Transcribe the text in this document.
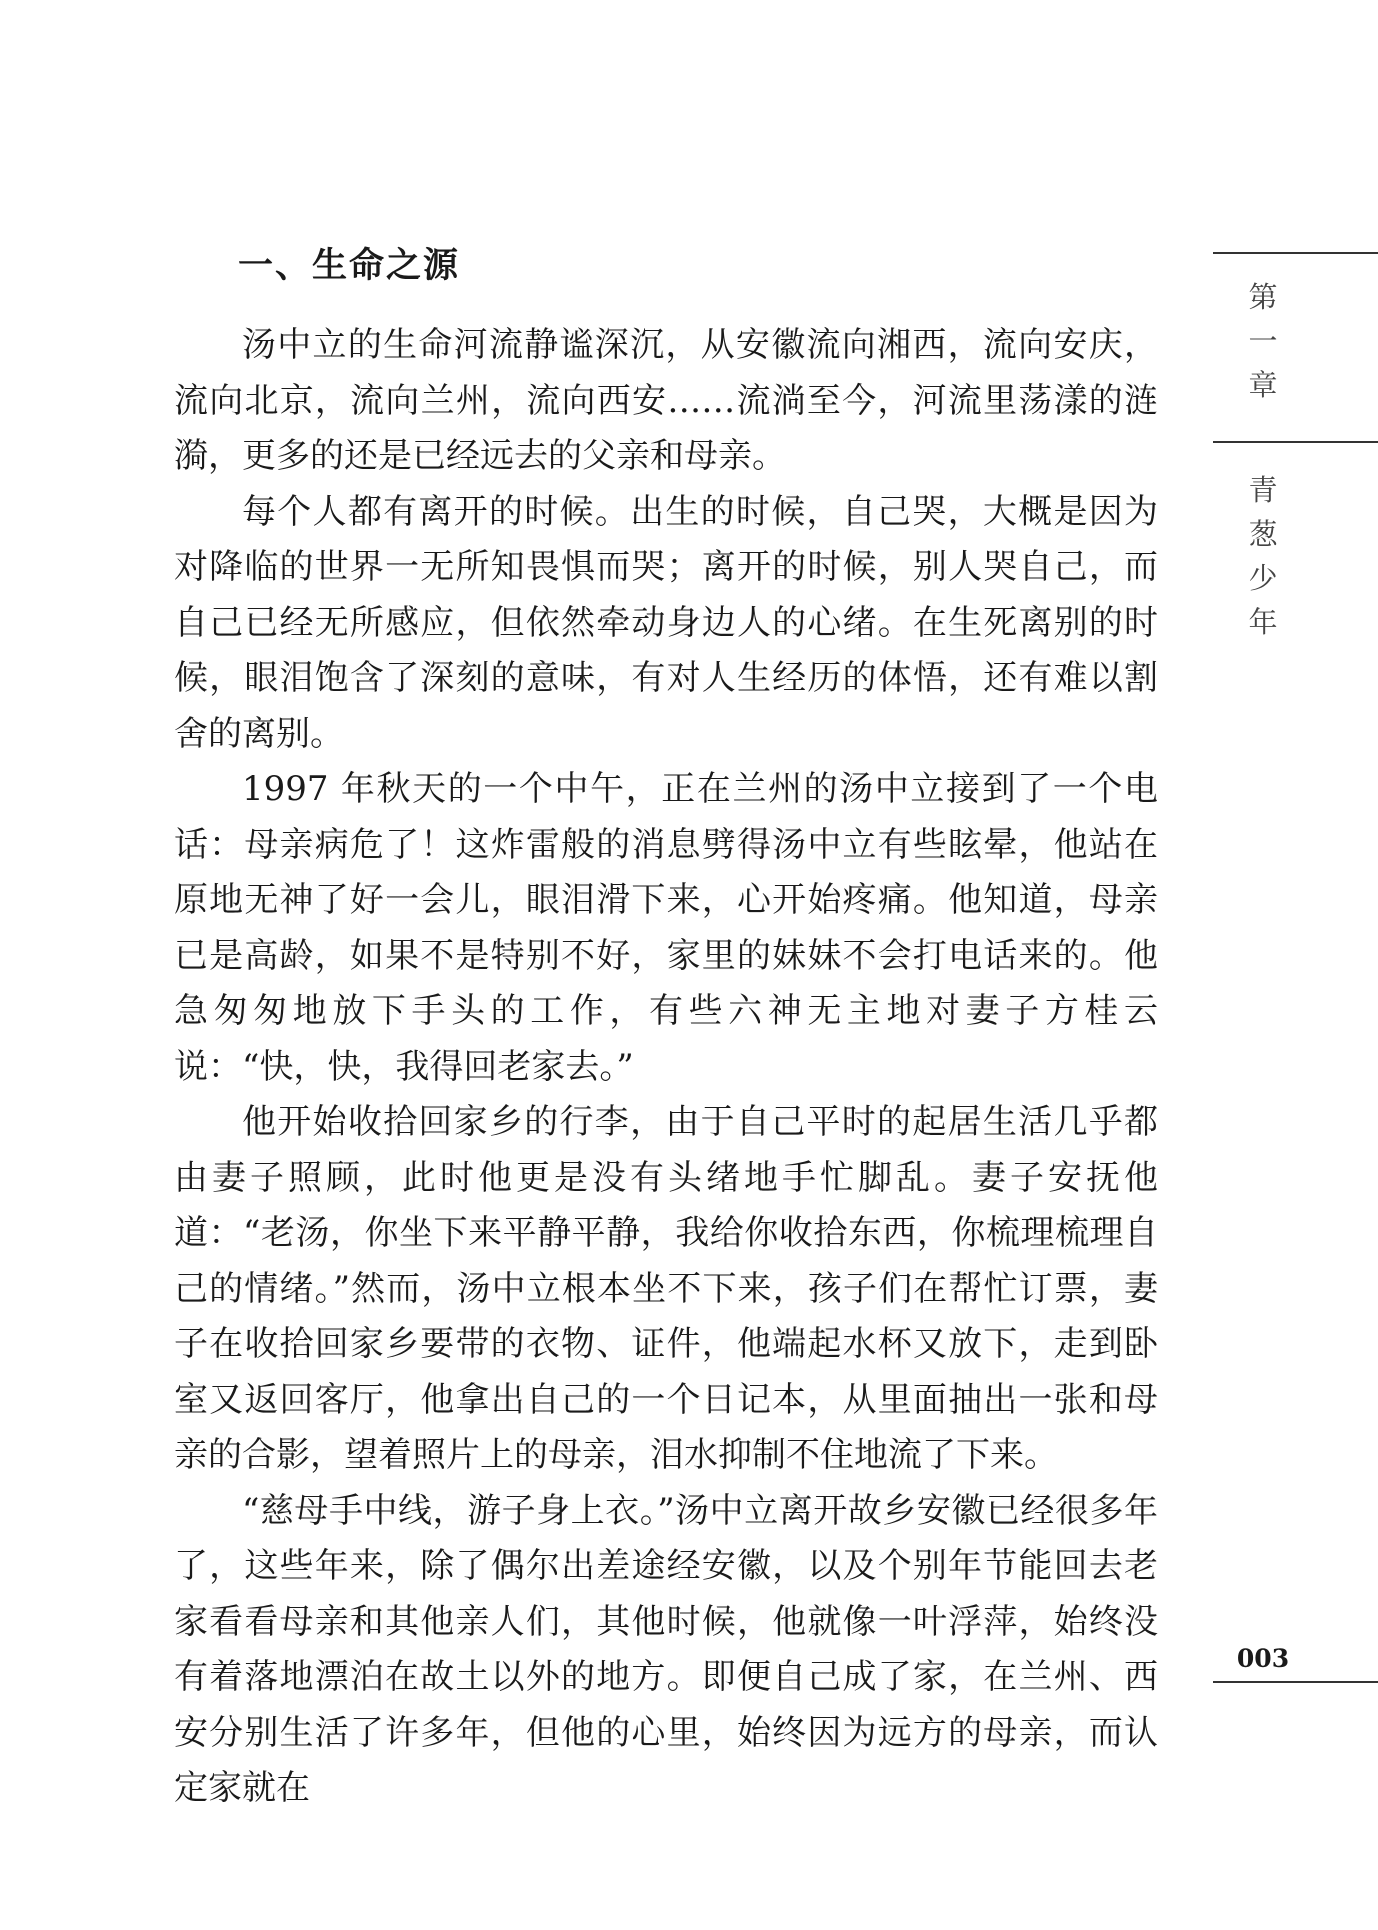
一、生命之源

汤中立的生命河流静谧深沉，从安徽流向湘西，流向安庆，流向北京，流向兰州，流向西安……流淌至今，河流里荡漾的涟漪，更多的还是已经远去的父亲和母亲。

每个人都有离开的时候。出生的时候，自己哭，大概是因为对降临的世界一无所知畏惧而哭；离开的时候，别人哭自己，而自己已经无所感应，但依然牵动身边人的心绪。在生死离别的时候，眼泪饱含了深刻的意味，有对人生经历的体悟，还有难以割舍的离别。

1997 年秋天的一个中午，正在兰州的汤中立接到了一个电话：母亲病危了！这炸雷般的消息劈得汤中立有些眩晕，他站在原地无神了好一会儿，眼泪滑下来，心开始疼痛。他知道，母亲已是高龄，如果不是特别不好，家里的妹妹不会打电话来的。他急匆匆地放下手头的工作，有些六神无主地对妻子方桂云说：“快，快，我得回老家去。”

他开始收拾回家乡的行李，由于自己平时的起居生活几乎都由妻子照顾，此时他更是没有头绪地手忙脚乱。妻子安抚他道：“老汤，你坐下来平静平静，我给你收拾东西，你梳理梳理自己的情绪。”然而，汤中立根本坐不下来，孩子们在帮忙订票，妻子在收拾回家乡要带的衣物、证件，他端起水杯又放下，走到卧室又返回客厅，他拿出自己的一个日记本，从里面抽出一张和母亲的合影，望着照片上的母亲，泪水抑制不住地流了下来。

“慈母手中线，游子身上衣。”汤中立离开故乡安徽已经很多年了，这些年来，除了偶尔出差途经安徽，以及个别年节能回去老家看看母亲和其他亲人们，其他时候，他就像一叶浮萍，始终没有着落地漂泊在故土以外的地方。即便自己成了家，在兰州、西安分别生活了许多年，但他的心里，始终因为远方的母亲，而认定家就在

第
一
章
青
葱
少
年
003
